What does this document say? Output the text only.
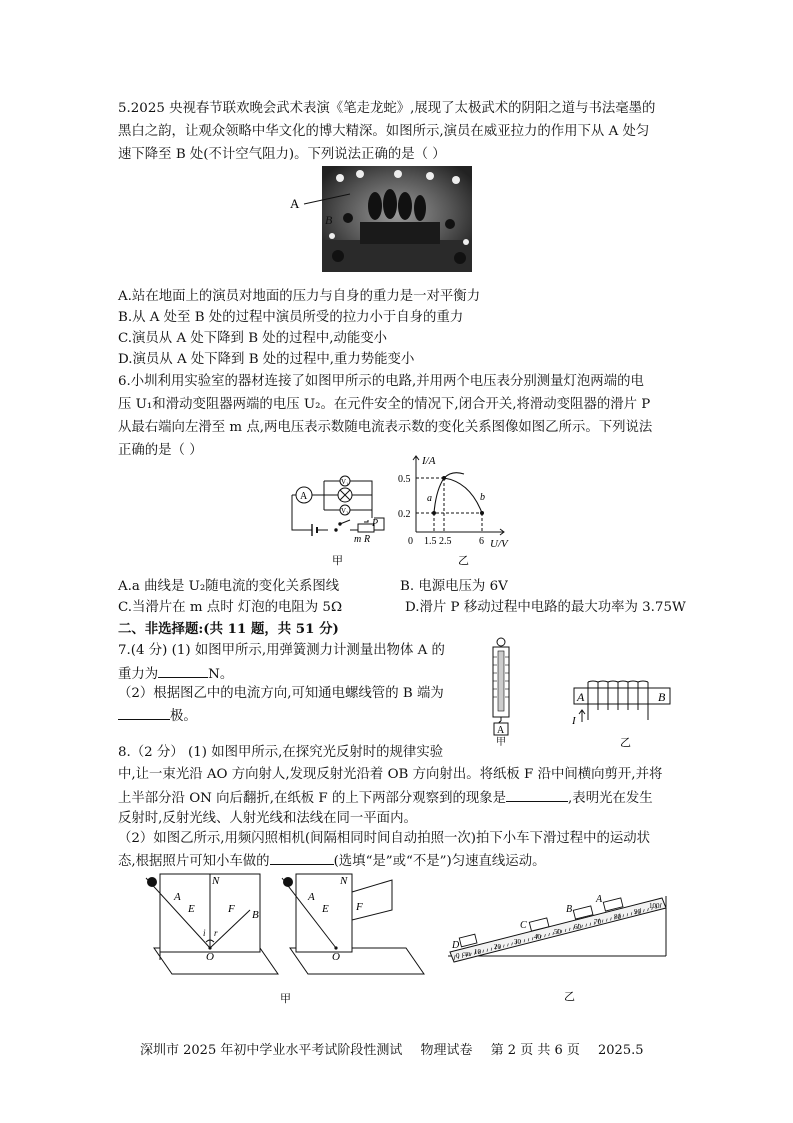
5.2025 央视春节联欢晚会武术表演《笔走龙蛇》,展现了太极武术的阴阳之道与书法毫墨的
黑白之韵，让观众领略中华文化的博大精深。如图所示,演员在威亚拉力的作用下从 A 处匀
速下降至 B 处(不计空气阻力)。下列说法正确的是（ ）
A
B
A.站在地面上的演员对地面的压力与自身的重力是一对平衡力
B.从 A 处至 B 处的过程中演员所受的拉力小于自身的重力
C.演员从 A 处下降到 B 处的过程中,动能变小
D.演员从 A 处下降到 B 处的过程中,重力势能变小
6.小圳利用实验室的器材连接了如图甲所示的电路,并用两个电压表分别测量灯泡两端的电
压 U₁和滑动变阻器两端的电压 U₂。在元件安全的情况下,闭合开关,将滑动变阻器的滑片 P
从最右端向左滑至 m 点,两电压表示数随电流表示数的变化关系图像如图乙所示。下列说法
正确的是（ ）
A
V₁
V₂
P
m R
甲
I/A
U/V
0
0.5
0.2
1.5 2.5	6
a	b
乙
A.a 曲线是 U₂随电流的变化关系图线	B. 电源电压为 6V
C.当滑片在 m 点时 灯泡的电阻为 5Ω	D.滑片 P 移动过程中电路的最大功率为 3.75W
二、非选择题:(共 11 题，共 51 分)
7.(4 分) (1) 如图甲所示,用弹簧测力计测量出物体 A 的
重力为	N。
（2）根据图乙中的电流方向,可知通电螺线管的 B 端为
极。
A
甲
A	B
I
乙
8.（2 分） (1) 如图甲所示,在探究光反射时的规律实验
中,让一束光沿 AO 方向射人,发现反射光沿着 OB 方向射出。将纸板 F 沿中间横向剪开,并将
上半部分沿 ON 向后翻折,在纸板 F 的上下两部分观察到的现象是	,表明光在发生
反射时,反射光线、人射光线和法线在同一平面内。
（2）如图乙所示,用频闪照相机(间隔相同时间自动拍照一次)拍下小车下滑过程中的运动状
态,根据照片可知小车做的	(选填“是”或“不是”)匀速直线运动。
A
E
N
F B
O
i r
A
E
N
F
O
甲
0 cm 10
20
30
40
50
60
70
80
90
100
D
C
B
A
乙
深圳市 2025 年初中学业水平考试阶段性测试 物理试卷 第 2 页 共 6 页 2025.5
